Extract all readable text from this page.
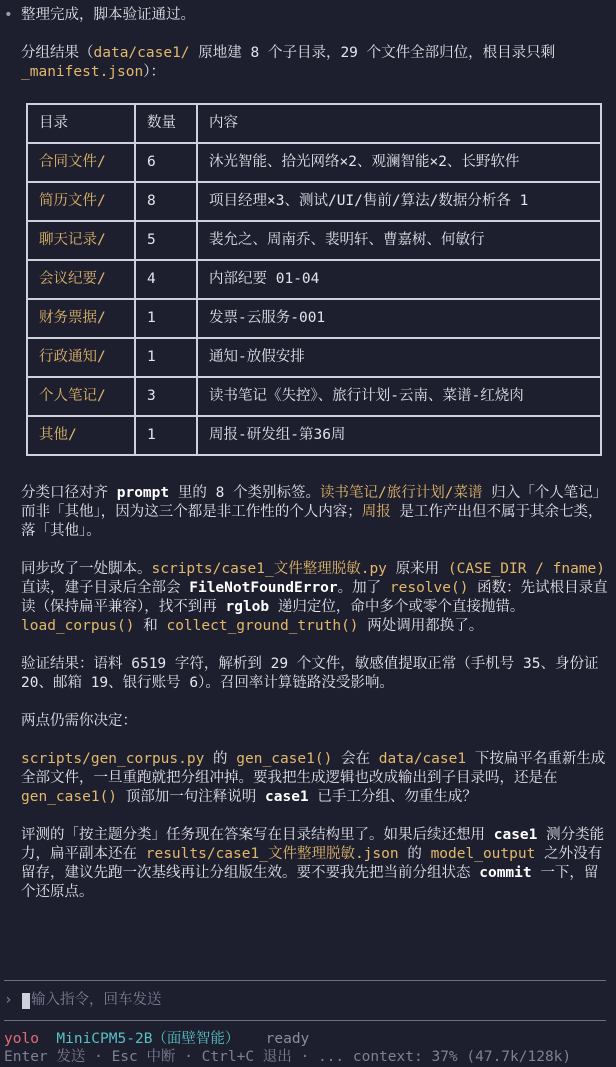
• 整理完成，脚本验证通过。
分组结果（data/case1/ 原地建 8 个子目录，29 个文件全部归位，根目录只剩 _manifest.json）：
目录	数量	内容
合同文件/	6	沐光智能、拾光网络×2、观澜智能×2、长野软件
简历文件/	8	项目经理×3、测试/UI/售前/算法/数据分析各 1
聊天记录/	5	裴允之、周南乔、裴明轩、曹嘉树、何敏行
会议纪要/	4	内部纪要 01-04
财务票据/	1	发票-云服务-001
行政通知/	1	通知-放假安排
个人笔记/	3	读书笔记《失控》、旅行计划-云南、菜谱-红烧肉
其他/	1	周报-研发组-第36周
分类口径对齐 prompt 里的 8 个类别标签。读书笔记/旅行计划/菜谱 归入「个人笔记」而非「其他」，因为这三个都是非工作性的个人内容；周报 是工作产出但不属于其余七类，落「其他」。
同步改了一处脚本。scripts/case1_文件整理脱敏.py 原来用 (CASE_DIR / fname) 直读，建子目录后全部会 FileNotFoundError。加了 resolve() 函数：先试根目录直读（保持扁平兼容），找不到再 rglob 递归定位，命中多个或零个直接抛错。load_corpus() 和 collect_ground_truth() 两处调用都换了。
验证结果：语料 6519 字符，解析到 29 个文件，敏感值提取正常（手机号 35、身份证 20、邮箱 19、银行账号 6）。召回率计算链路没受影响。
两点仍需你决定：
scripts/gen_corpus.py 的 gen_case1() 会在 data/case1 下按扁平名重新生成全部文件，一旦重跑就把分组冲掉。要我把生成逻辑也改成输出到子目录吗，还是在 gen_case1() 顶部加一句注释说明 case1 已手工分组、勿重生成？
评测的「按主题分类」任务现在答案写在目录结构里了。如果后续还想用 case1 测分类能力，扁平副本还在 results/case1_文件整理脱敏.json 的 model_output 之外没有留存，建议先跑一次基线再让分组版生效。要不要我先把当前分组状态 commit 一下，留个还原点。
› 输入指令，回车发送
yolo MiniCPM5-2B（面壁智能） ready
Enter 发送 · Esc 中断 · Ctrl+C 退出 · ... context: 37% (47.7k/128k)
